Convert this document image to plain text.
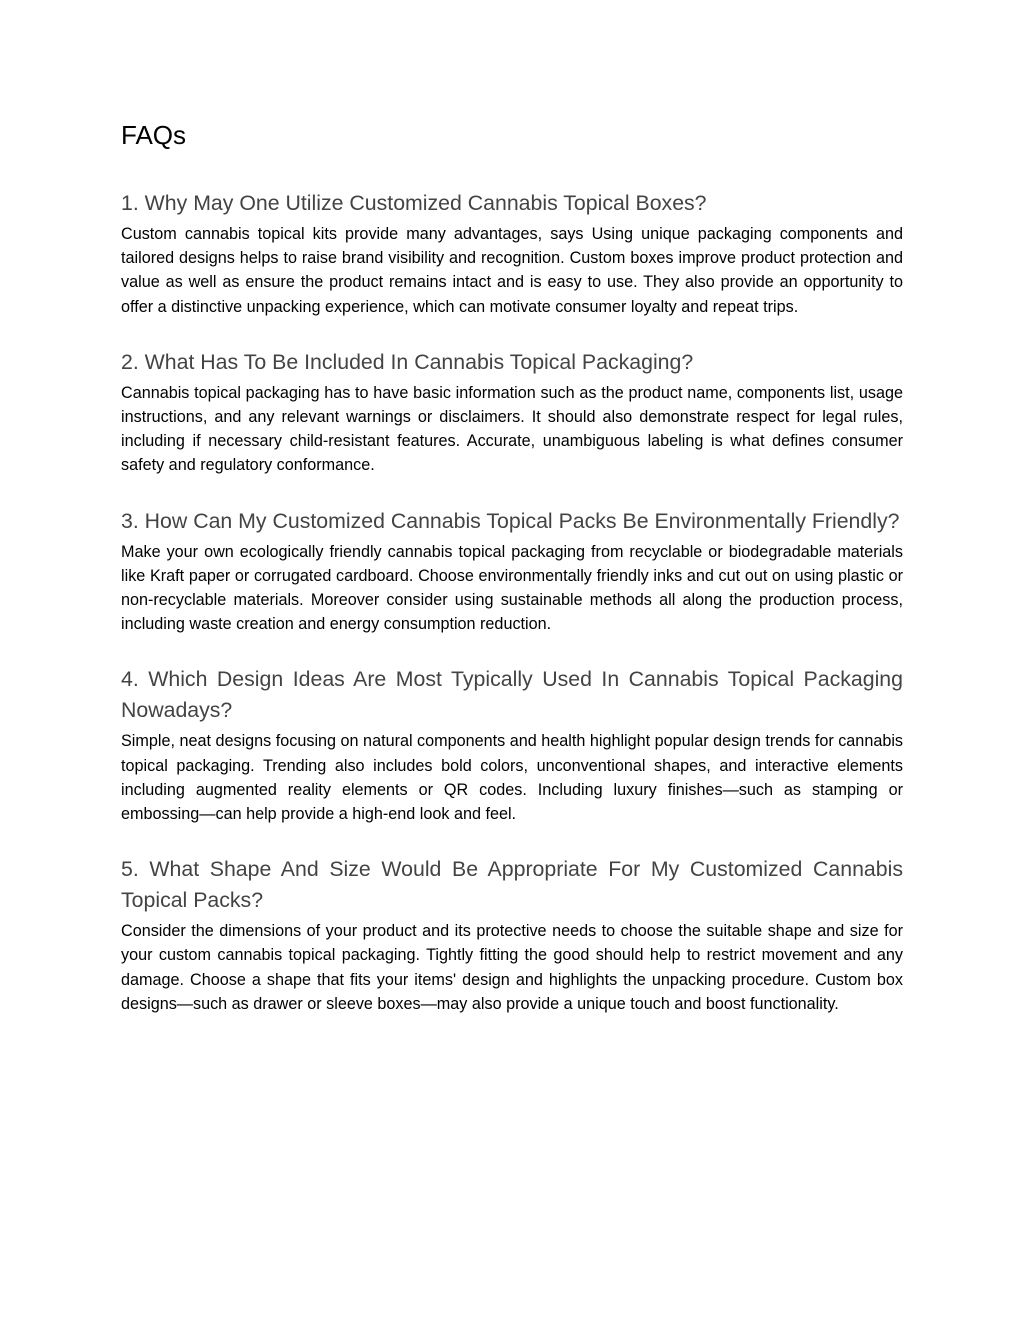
FAQs
1. Why May One Utilize Customized Cannabis Topical Boxes?

Custom cannabis topical kits provide many advantages, says Using unique packaging components and tailored designs helps to raise brand visibility and recognition. Custom boxes improve product protection and value as well as ensure the product remains intact and is easy to use. They also provide an opportunity to offer a distinctive unpacking experience, which can motivate consumer loyalty and repeat trips.

2. What Has To Be Included In Cannabis Topical Packaging?

Cannabis topical packaging has to have basic information such as the product name, components list, usage instructions, and any relevant warnings or disclaimers. It should also demonstrate respect for legal rules, including if necessary child-resistant features. Accurate, unambiguous labeling is what defines consumer safety and regulatory conformance.

3. How Can My Customized Cannabis Topical Packs Be Environmentally Friendly?

Make your own ecologically friendly cannabis topical packaging from recyclable or biodegradable materials like Kraft paper or corrugated cardboard. Choose environmentally friendly inks and cut out on using plastic or non-recyclable materials. Moreover consider using sustainable methods all along the production process, including waste creation and energy consumption reduction.

4. Which Design Ideas Are Most Typically Used In Cannabis Topical Packaging Nowadays?

Simple, neat designs focusing on natural components and health highlight popular design trends for cannabis topical packaging. Trending also includes bold colors, unconventional shapes, and interactive elements including augmented reality elements or QR codes. Including luxury finishes—such as stamping or embossing—can help provide a high-end look and feel.

5. What Shape And Size Would Be Appropriate For My Customized Cannabis Topical Packs?

Consider the dimensions of your product and its protective needs to choose the suitable shape and size for your custom cannabis topical packaging. Tightly fitting the good should help to restrict movement and any damage. Choose a shape that fits your items' design and highlights the unpacking procedure. Custom box designs—such as drawer or sleeve boxes—may also provide a unique touch and boost functionality.
